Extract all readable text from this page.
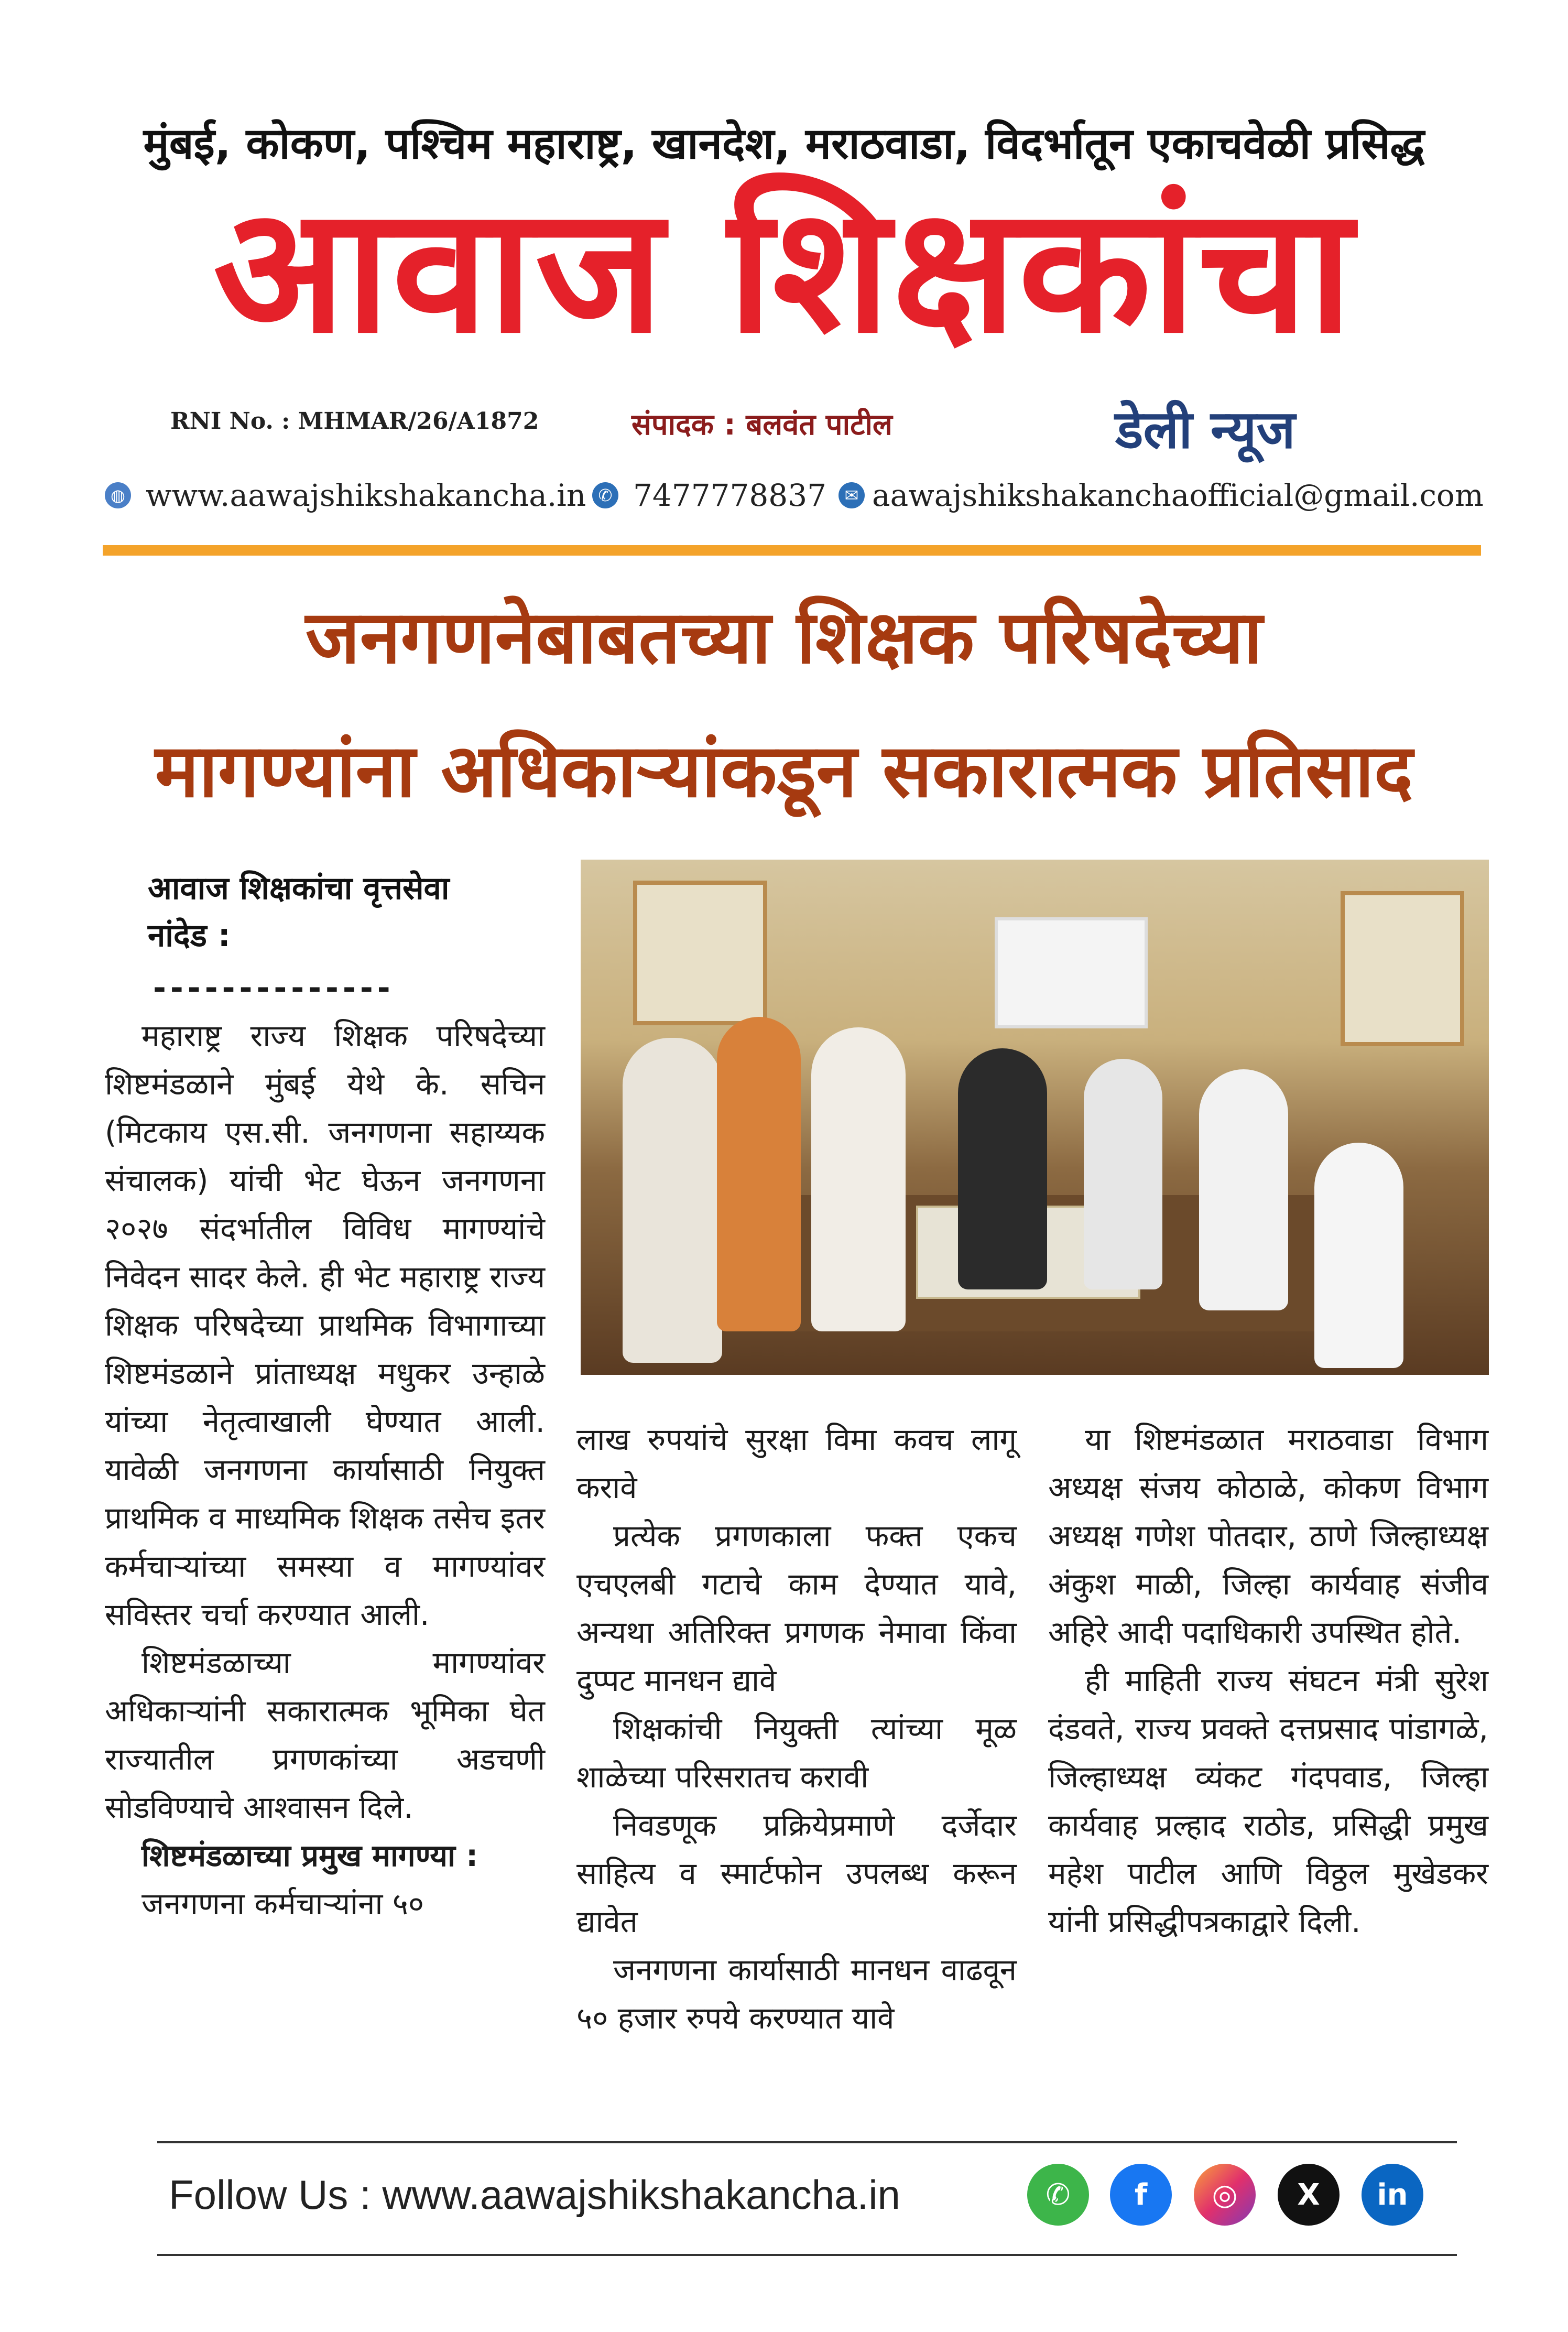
मुंबई, कोकण, पश्चिम महाराष्ट्र, खानदेश, मराठवाडा, विदर्भातून एकाचवेळी प्रसिद्ध
आवाज शिक्षकांचा
RNI No. : MHMAR/26/A1872	संपादक : बलवंत पाटील	डेली न्यूज
◍ www.aawajshikshakancha.in ✆ 7477778837	✉ aawajshikshakanchaofficial@gmail.com
जनगणनेबाबतच्या शिक्षक परिषदेच्या
मागण्यांना अधिकाऱ्यांकडून सकारात्मक प्रतिसाद
आवाज शिक्षकांचा वृत्तसेवा
नांदेड :
--------------

महाराष्ट्र राज्य शिक्षक परिषदेच्या शिष्टमंडळाने मुंबई येथे के. सचिन (मिटकाय एस.सी. जनगणना सहाय्यक संचालक) यांची भेट घेऊन जनगणना २०२७ संदर्भातील विविध मागण्यांचे निवेदन सादर केले. ही भेट महाराष्ट्र राज्य शिक्षक परिषदेच्या प्राथमिक विभागाच्या शिष्टमंडळाने प्रांताध्यक्ष मधुकर उन्हाळे यांच्या नेतृत्वाखाली घेण्यात आली. यावेळी जनगणना कार्यासाठी नियुक्त प्राथमिक व माध्यमिक शिक्षक तसेच इतर कर्मचाऱ्यांच्या समस्या व मागण्यांवर सविस्तर चर्चा करण्यात आली.

शिष्टमंडळाच्या मागण्यांवर अधिकाऱ्यांनी सकारात्मक भूमिका घेत राज्यातील प्रगणकांच्या अडचणी सोडविण्याचे आश्वासन दिले.

शिष्टमंडळाच्या प्रमुख मागण्या :

जनगणना कर्मचाऱ्यांना ५०

लाख रुपयांचे सुरक्षा विमा कवच लागू करावे

प्रत्येक प्रगणकाला फक्त एकच एचएलबी गटाचे काम देण्यात यावे, अन्यथा अतिरिक्त प्रगणक नेमावा किंवा दुप्पट मानधन द्यावे

शिक्षकांची नियुक्ती त्यांच्या मूळ शाळेच्या परिसरातच करावी

निवडणूक प्रक्रियेप्रमाणे दर्जेदार साहित्य व स्मार्टफोन उपलब्ध करून द्यावेत

जनगणना कार्यासाठी मानधन वाढवून ५० हजार रुपये करण्यात यावे

या शिष्टमंडळात मराठवाडा विभाग अध्यक्ष संजय कोठाळे, कोकण विभाग अध्यक्ष गणेश पोतदार, ठाणे जिल्हाध्यक्ष अंकुश माळी, जिल्हा कार्यवाह संजीव अहिरे आदी पदाधिकारी उपस्थित होते.

ही माहिती राज्य संघटन मंत्री सुरेश दंडवते, राज्य प्रवक्ते दत्तप्रसाद पांडागळे, जिल्हाध्यक्ष व्यंकट गंदपवाड, जिल्हा कार्यवाह प्रल्हाद राठोड, प्रसिद्धी प्रमुख महेश पाटील आणि विठ्ठल मुखेडकर यांनी प्रसिद्धीपत्रकाद्वारे दिली.

Follow Us : www.aawajshikshakancha.in	✆	f	◎	X	in
